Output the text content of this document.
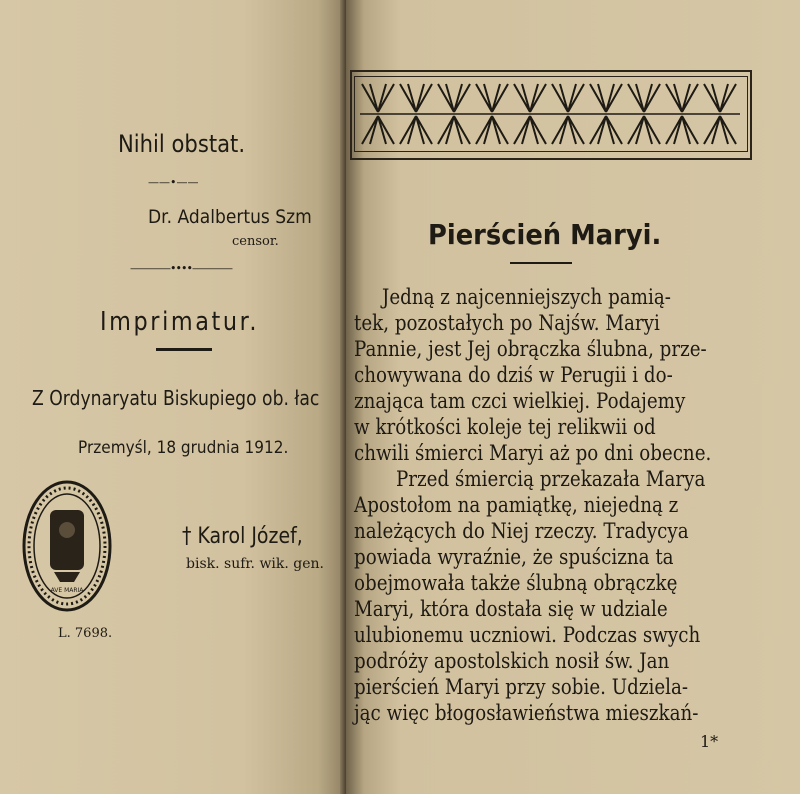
Nihil obstat.
——•——
Dr. Adalbertus Szm
censor.
————••••————
Imprimatur.
Z Ordynaryatu Biskupiego ob. łac
Przemyśl, 18 grudnia 1912.
AVE MARIA
† Karol Józef,
bisk. sufr. wik. gen.
L. 7698.
Pierścień Maryi.
Jedną z najcenniejszych pamią-
tek, pozostałych po Najśw. Maryi
Pannie, jest Jej obrączka ślubna, prze-
chowywana do dziś w Perugii i do-
znająca tam czci wielkiej. Podajemy
w krótkości koleje tej relikwii od
chwili śmierci Maryi aż po dni obecne.
Przed śmiercią przekazała Marya
Apostołom na pamiątkę, niejedną z
należących do Niej rzeczy. Tradycya
powiada wyraźnie, że spuścizna ta
obejmowała także ślubną obrączkę
Maryi, która dostała się w udziale
ulubionemu uczniowi. Podczas swych
podróży apostolskich nosił św. Jan
pierścień Maryi przy sobie. Udziela-
jąc więc błogosławieństwa mieszkań-
1*
